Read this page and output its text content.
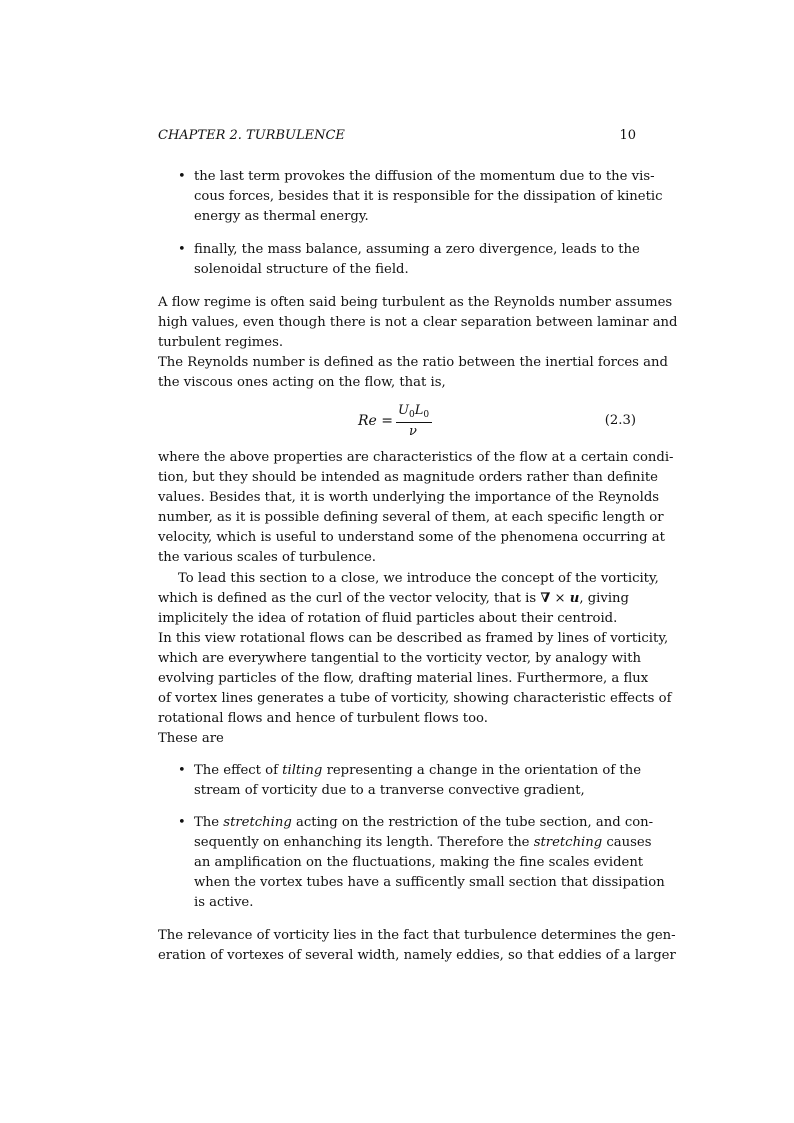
CHAPTER 2. TURBULENCE	10
• the last term provokes the diffusion of the momentum due to the vis-
cous forces, besides that it is responsible for the dissipation of kinetic
energy as thermal energy.
• finally, the mass balance, assuming a zero divergence, leads to the
solenoidal structure of the field.
A flow regime is often said being turbulent as the Reynolds number assumes
high values, even though there is not a clear separation between laminar and
turbulent regimes.
The Reynolds number is defined as the ratio between the inertial forces and
the viscous ones acting on the flow, that is,
Re =
$U_0L_0$
ν
(2.3)
where the above properties are characteristics of the flow at a certain condi-
tion, but they should be intended as magnitude orders rather than definite
values. Besides that, it is worth underlying the importance of the Reynolds
number, as it is possible defining several of them, at each specific length or
velocity, which is useful to understand some of the phenomena occurring at
the various scales of turbulence.
To lead this section to a close, we introduce the concept of the vorticity,
which is defined as the curl of the vector velocity, that is ∇ × u, giving
implicitely the idea of rotation of fluid particles about their centroid.
In this view rotational flows can be described as framed by lines of vorticity,
which are everywhere tangential to the vorticity vector, by analogy with
evolving particles of the flow, drafting material lines. Furthermore, a flux
of vortex lines generates a tube of vorticity, showing characteristic effects of
rotational flows and hence of turbulent flows too.
These are
• The effect of tilting representing a change in the orientation of the
stream of vorticity due to a tranverse convective gradient,
• The stretching acting on the restriction of the tube section, and con-
sequently on enhanching its length. Therefore the stretching causes
an amplification on the fluctuations, making the fine scales evident
when the vortex tubes have a sufficently small section that dissipation
is active.
The relevance of vorticity lies in the fact that turbulence determines the gen-
eration of vortexes of several width, namely eddies, so that eddies of a larger
